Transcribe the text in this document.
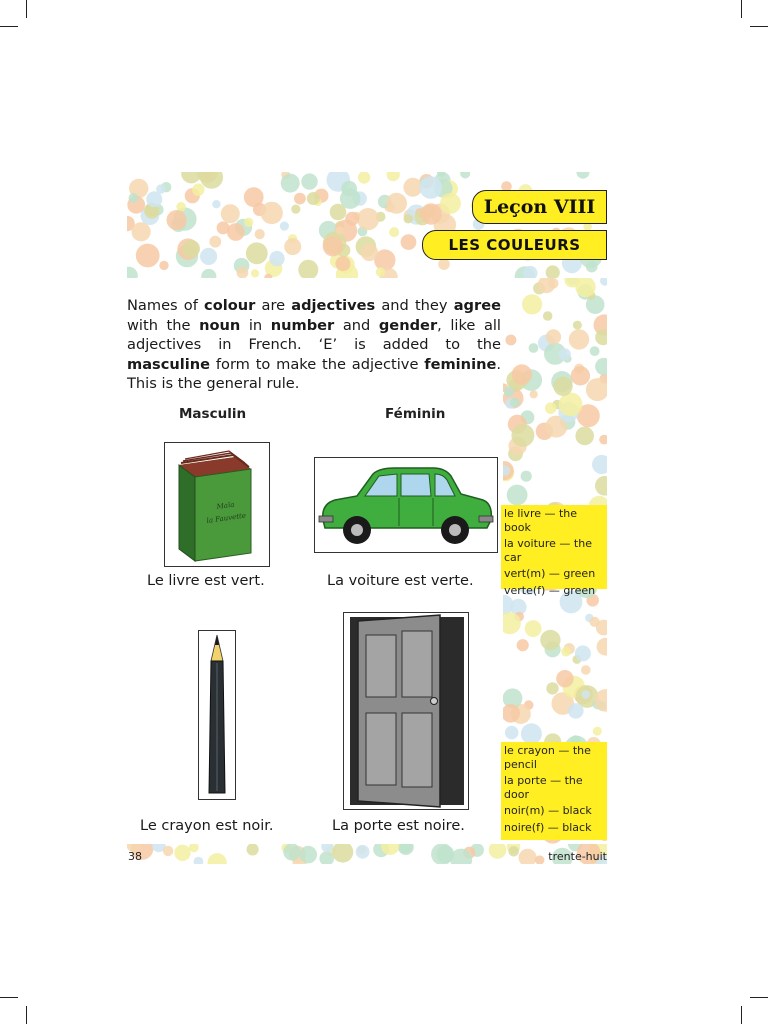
Leçon VIII
LES COULEURS

Names of colour are adjectives and they agree with the noun in number and gender, like all adjectives in French. ‘E’ is added to the masculine form to make the adjective feminine. This is the general rule.

Masculin	Féminin
Maïa
la Fauvette
Le livre est vert.	La voiture est verte.
Le crayon est noir.	La porte est noire.
le livre — the book
la voiture — the car
vert(m) — green
verte(f) — green
le crayon — the pencil
la porte — the door
noir(m) — black
noire(f) — black
38	trente-huit
